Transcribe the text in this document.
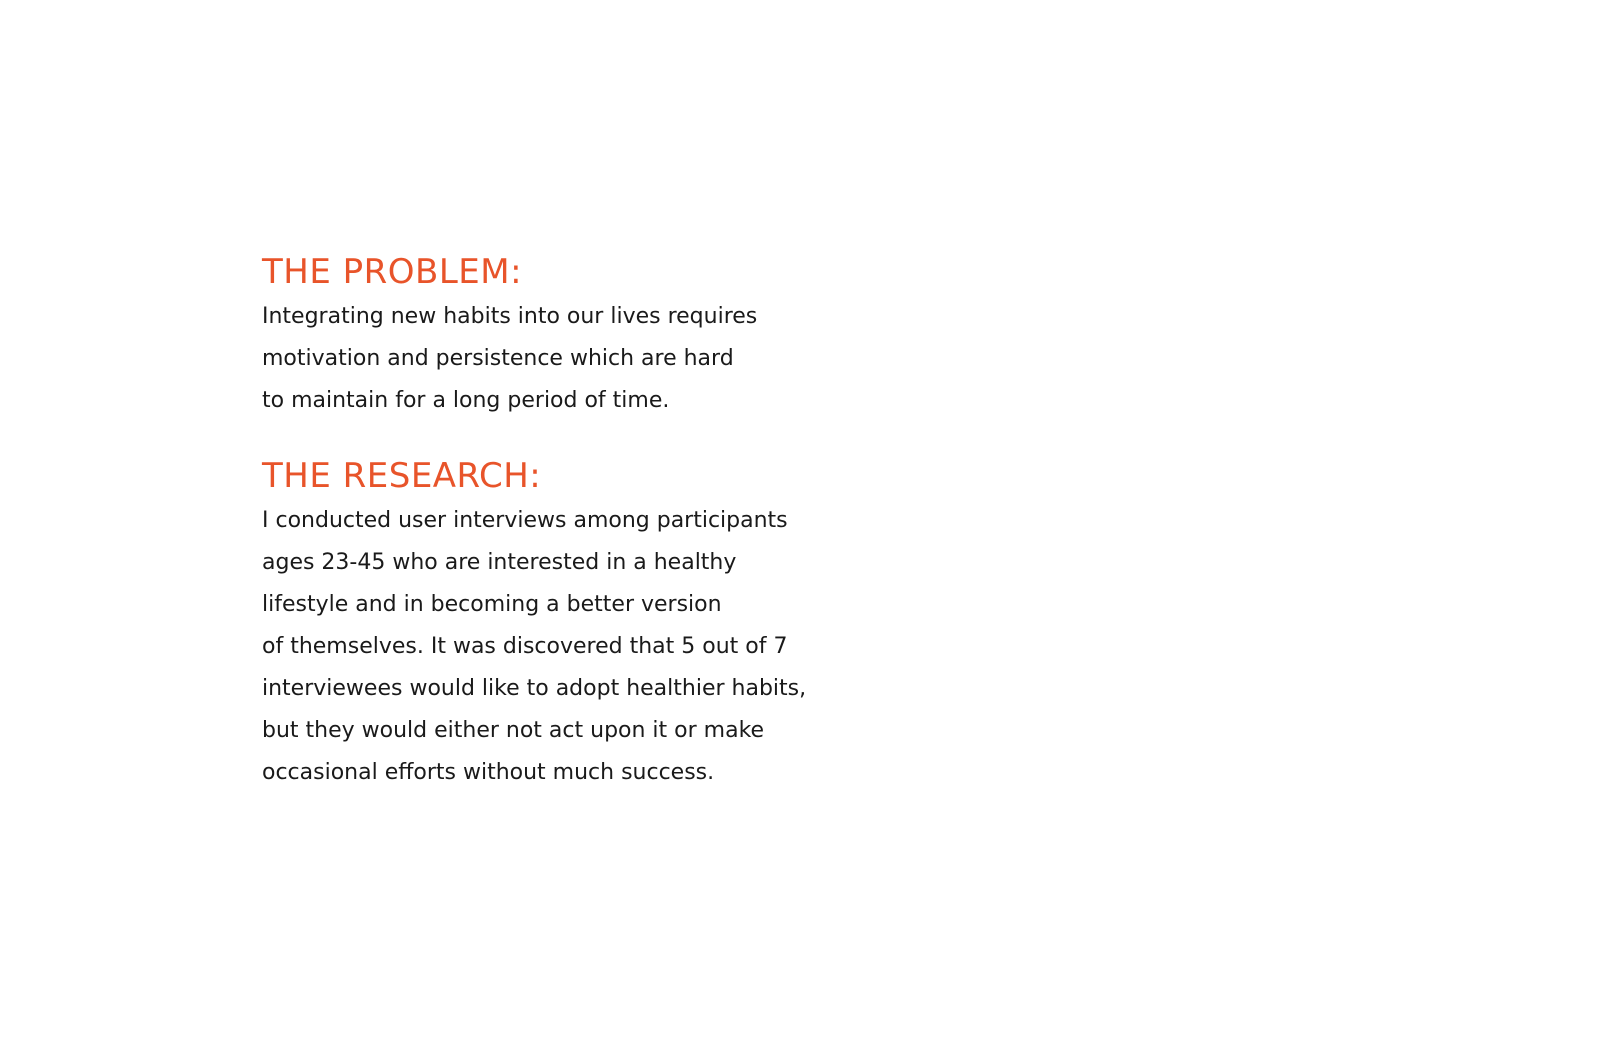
THE PROBLEM:
Integrating new habits into our lives requires
motivation and persistence which are hard
to maintain for a long period of time.
THE RESEARCH:
I conducted user interviews among participants
ages 23-45 who are interested in a healthy
lifestyle and in becoming a better version
of themselves. It was discovered that 5 out of 7
interviewees would like to adopt healthier habits,
but they would either not act upon it or make
occasional efforts without much success.
